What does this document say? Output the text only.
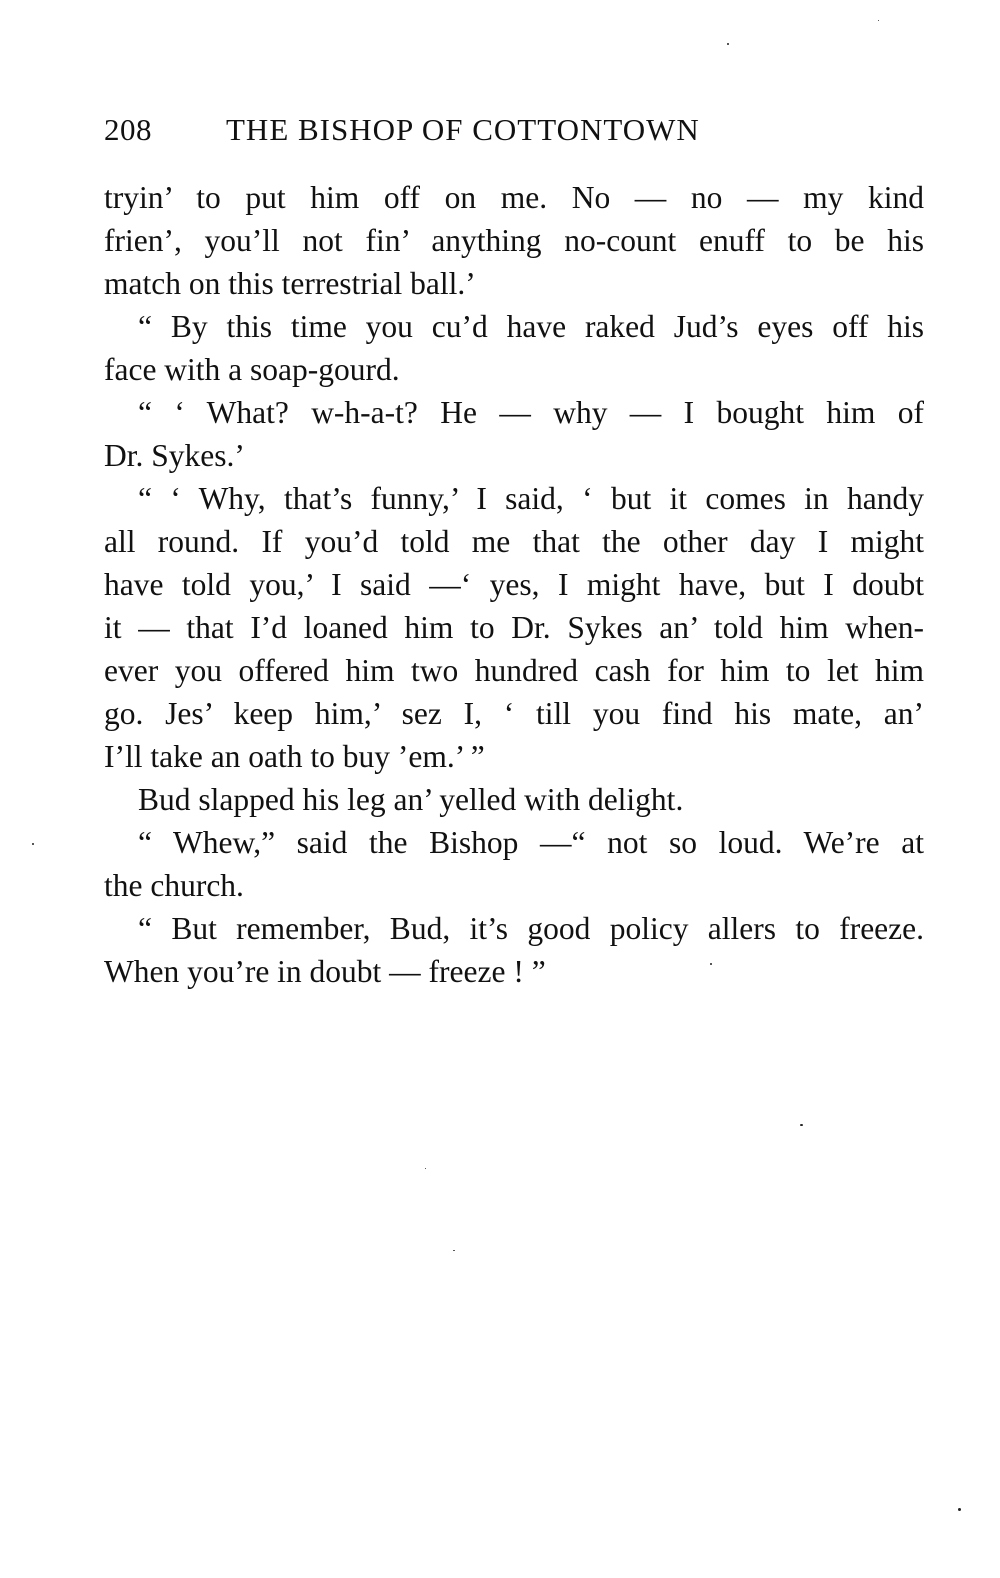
208 THE BISHOP OF COTTONTOWN
tryin’ to put him off on me. No — no — my kind
frien’, you’ll not fin’ anything no-count enuff to be his
match on this terrestrial ball.’
“ By this time you cu’d have raked Jud’s eyes off his
face with a soap-gourd.
“ ‘ What? w-h-a-t? He — why — I bought him of
Dr. Sykes.’
“ ‘ Why, that’s funny,’ I said, ‘ but it comes in handy
all round. If you’d told me that the other day I might
have told you,’ I said —‘ yes, I might have, but I doubt
it — that I’d loaned him to Dr. Sykes an’ told him when-
ever you offered him two hundred cash for him to let him
go. Jes’ keep him,’ sez I, ‘ till you find his mate, an’
I’ll take an oath to buy ’em.’ ”
Bud slapped his leg an’ yelled with delight.
“ Whew,” said the Bishop —“ not so loud. We’re at
the church.
“ But remember, Bud, it’s good policy allers to freeze.
When you’re in doubt — freeze ! ”
